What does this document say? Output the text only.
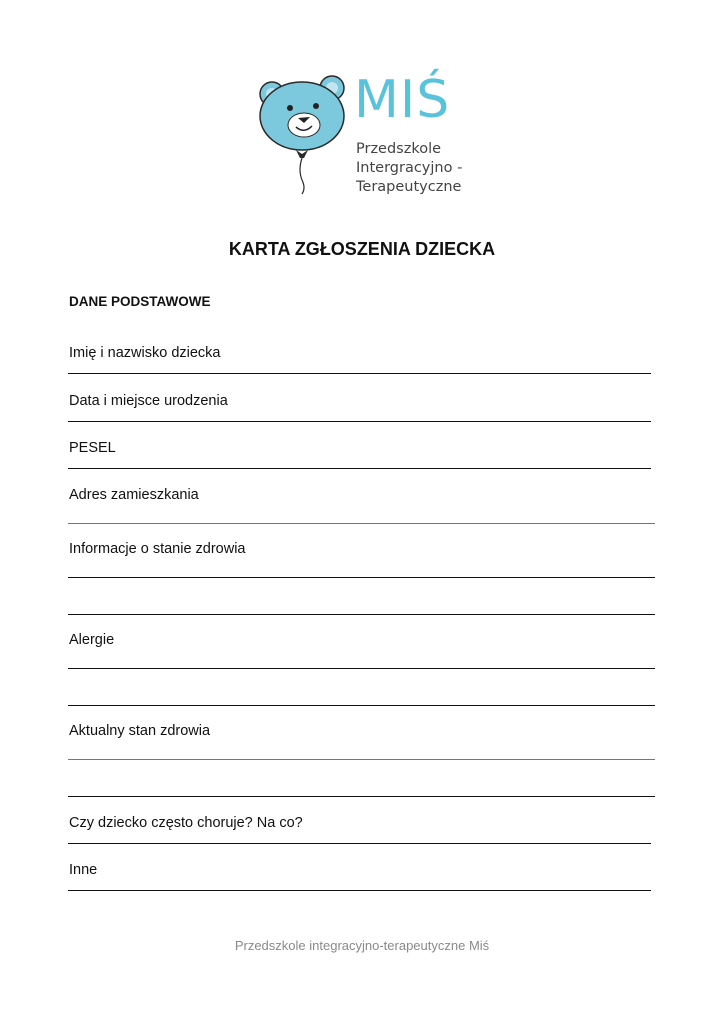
MIŚ
Przedszkole
Intergracyjno -
Terapeutyczne
KARTA ZGŁOSZENIA DZIECKA
DANE PODSTAWOWE
Imię i nazwisko dziecka
Data i miejsce urodzenia
PESEL
Adres zamieszkania
Informacje o stanie zdrowia
Alergie
Aktualny stan zdrowia
Czy dziecko często choruje? Na co?
Inne
Przedszkole integracyjno-terapeutyczne Miś
